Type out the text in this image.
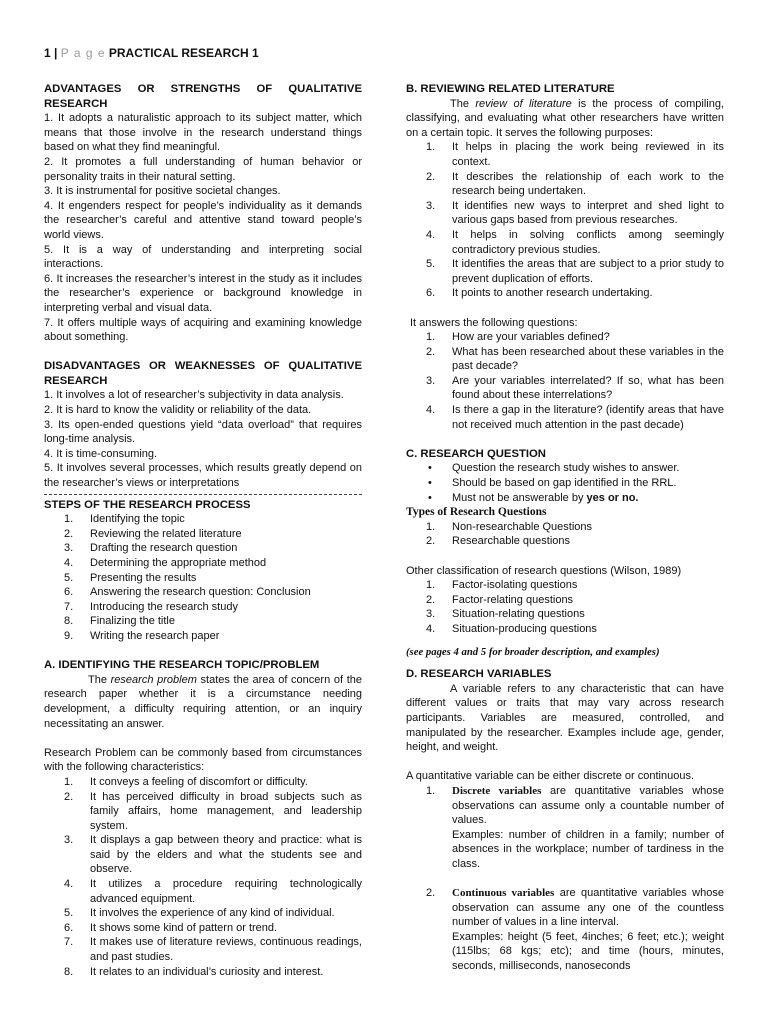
1 | P a g e PRACTICAL RESEARCH 1
ADVANTAGES OR STRENGTHS OF QUALITATIVE RESEARCH

1. It adopts a naturalistic approach to its subject matter, which means that those involve in the research understand things based on what they find meaningful.

2. It promotes a full understanding of human behavior or personality traits in their natural setting.

3. It is instrumental for positive societal changes.

4. It engenders respect for people’s individuality as it demands the researcher’s careful and attentive stand toward people’s world views.

5. It is a way of understanding and interpreting social interactions.

6. It increases the researcher’s interest in the study as it includes the researcher’s experience or background knowledge in interpreting verbal and visual data.

7. It offers multiple ways of acquiring and examining knowledge about something.

DISADVANTAGES OR WEAKNESSES OF QUALITATIVE RESEARCH

1. It involves a lot of researcher’s subjectivity in data analysis.

2. It is hard to know the validity or reliability of the data.

3. Its open-ended questions yield “data overload” that requires long-time analysis.

4. It is time-consuming.

5. It involves several processes, which results greatly depend on the researcher’s views or interpretations

STEPS OF THE RESEARCH PROCESS
1.	Identifying the topic
2.	Reviewing the related literature
3.	Drafting the research question
4.	Determining the appropriate method
5.	Presenting the results
6.	Answering the research question: Conclusion
7.	Introducing the research study
8.	Finalizing the title
9.	Writing the research paper
A. IDENTIFYING THE RESEARCH TOPIC/PROBLEM

The research problem states the area of concern of the research paper whether it is a circumstance needing development, a difficulty requiring attention, or an inquiry necessitating an answer.

Research Problem can be commonly based from circumstances with the following characteristics:

1.	It conveys a feeling of discomfort or difficulty.
2.	It has perceived difficulty in broad subjects such as family affairs, home management, and leadership system.
3.	It displays a gap between theory and practice: what is said by the elders and what the students see and observe.
4.	It utilizes a procedure requiring technologically advanced equipment.
5.	It involves the experience of any kind of individual.
6.	It shows some kind of pattern or trend.
7.	It makes use of literature reviews, continuous readings, and past studies.
8.	It relates to an individual’s curiosity and interest.
B. REVIEWING RELATED LITERATURE

The review of literature is the process of compiling, classifying, and evaluating what other researchers have written on a certain topic. It serves the following purposes:

1.	It helps in placing the work being reviewed in its context.
2.	It describes the relationship of each work to the research being undertaken.
3.	It identifies new ways to interpret and shed light to various gaps based from previous researches.
4.	It helps in solving conflicts among seemingly contradictory previous studies.
5.	It identifies the areas that are subject to a prior study to prevent duplication of efforts.
6.	It points to another research undertaking.

It answers the following questions:

1.	How are your variables defined?
2.	What has been researched about these variables in the past decade?
3.	Are your variables interrelated? If so, what has been found about these interrelations?
4.	Is there a gap in the literature? (identify areas that have not received much attention in the past decade)
C. RESEARCH QUESTION
• Question the research study wishes to answer.
• Should be based on gap identified in the RRL.
• Must not be answerable by yes or no.
Types of Research Questions
1.	Non-researchable Questions
2.	Researchable questions

Other classification of research questions (Wilson, 1989)

1.	Factor-isolating questions
2.	Factor-relating questions
3.	Situation-relating questions
4.	Situation-producing questions

(see pages 4 and 5 for broader description, and examples)

D. RESEARCH VARIABLES

A variable refers to any characteristic that can have different values or traits that may vary across research participants. Variables are measured, controlled, and manipulated by the researcher. Examples include age, gender, height, and weight.

A quantitative variable can be either discrete or continuous.

1.	Discrete variables are quantitative variables whose observations can assume only a countable number of values.

Examples: number of children in a family; number of absences in the workplace; number of tardiness in the class.

2.	Continuous variables are quantitative variables whose observation can assume any one of the countless number of values in a line interval.

Examples: height (5 feet, 4inches; 6 feet; etc.); weight (115lbs; 68 kgs; etc); and time (hours, minutes, seconds, milliseconds, nanoseconds
